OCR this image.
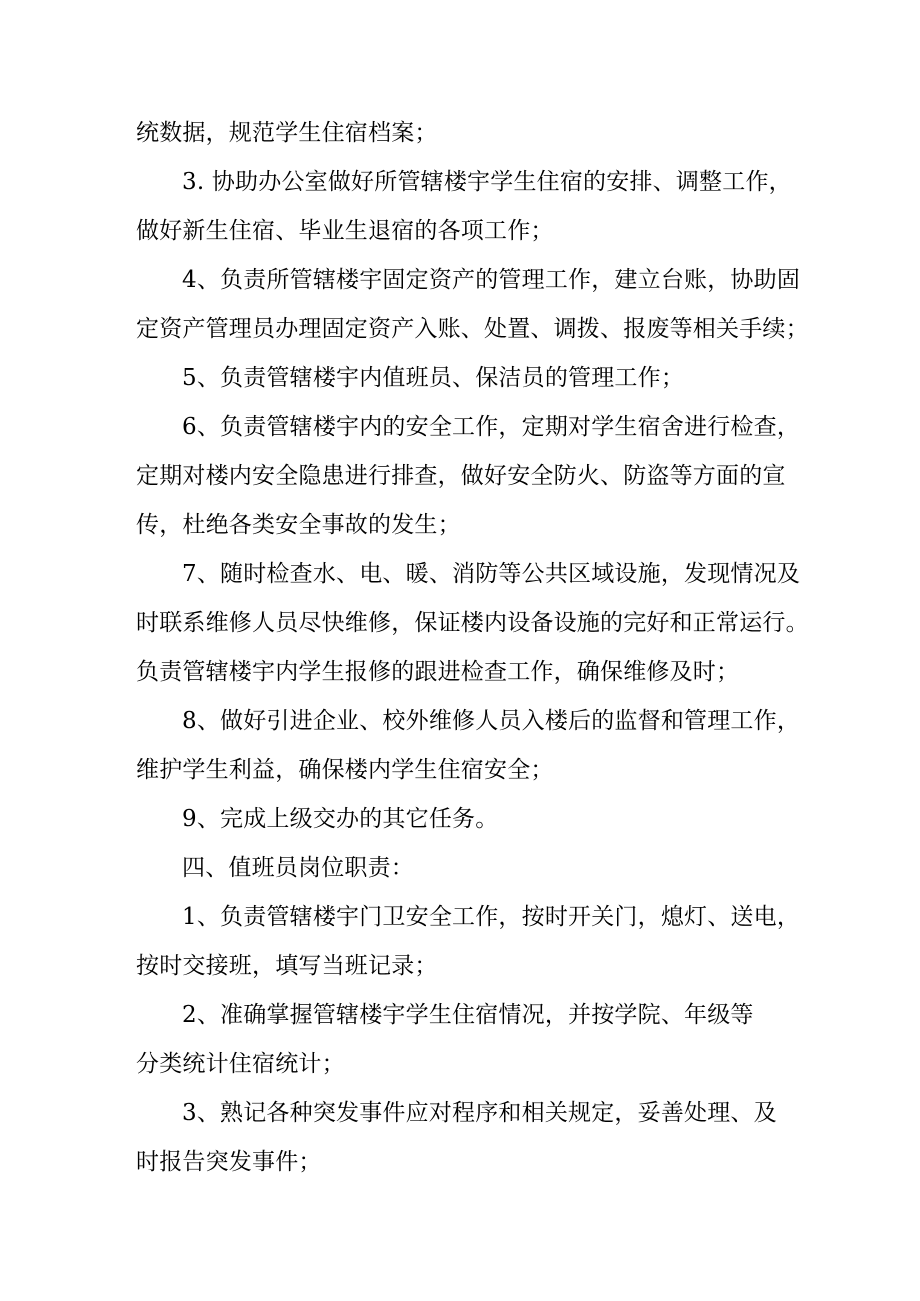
统数据，规范学生住宿档案；
3. 协助办公室做好所管辖楼宇学生住宿的安排、调整工作，
做好新生住宿、毕业生退宿的各项工作；
4、负责所管辖楼宇固定资产的管理工作，建立台账，协助固
定资产管理员办理固定资产入账、处置、调拨、报废等相关手续；
5、负责管辖楼宇内值班员、保洁员的管理工作；
6、负责管辖楼宇内的安全工作，定期对学生宿舍进行检查，
定期对楼内安全隐患进行排查，做好安全防火、防盗等方面的宣
传，杜绝各类安全事故的发生；
7、随时检查水、电、暖、消防等公共区域设施，发现情况及
时联系维修人员尽快维修，保证楼内设备设施的完好和正常运行。
负责管辖楼宇内学生报修的跟进检查工作，确保维修及时；
8、做好引进企业、校外维修人员入楼后的监督和管理工作，
维护学生利益，确保楼内学生住宿安全；
9、完成上级交办的其它任务。
四、值班员岗位职责：
1、负责管辖楼宇门卫安全工作，按时开关门，熄灯、送电，
按时交接班，填写当班记录；
2、准确掌握管辖楼宇学生住宿情况，并按学院、年级等
分类统计住宿统计；
3、熟记各种突发事件应对程序和相关规定，妥善处理、及
时报告突发事件；
